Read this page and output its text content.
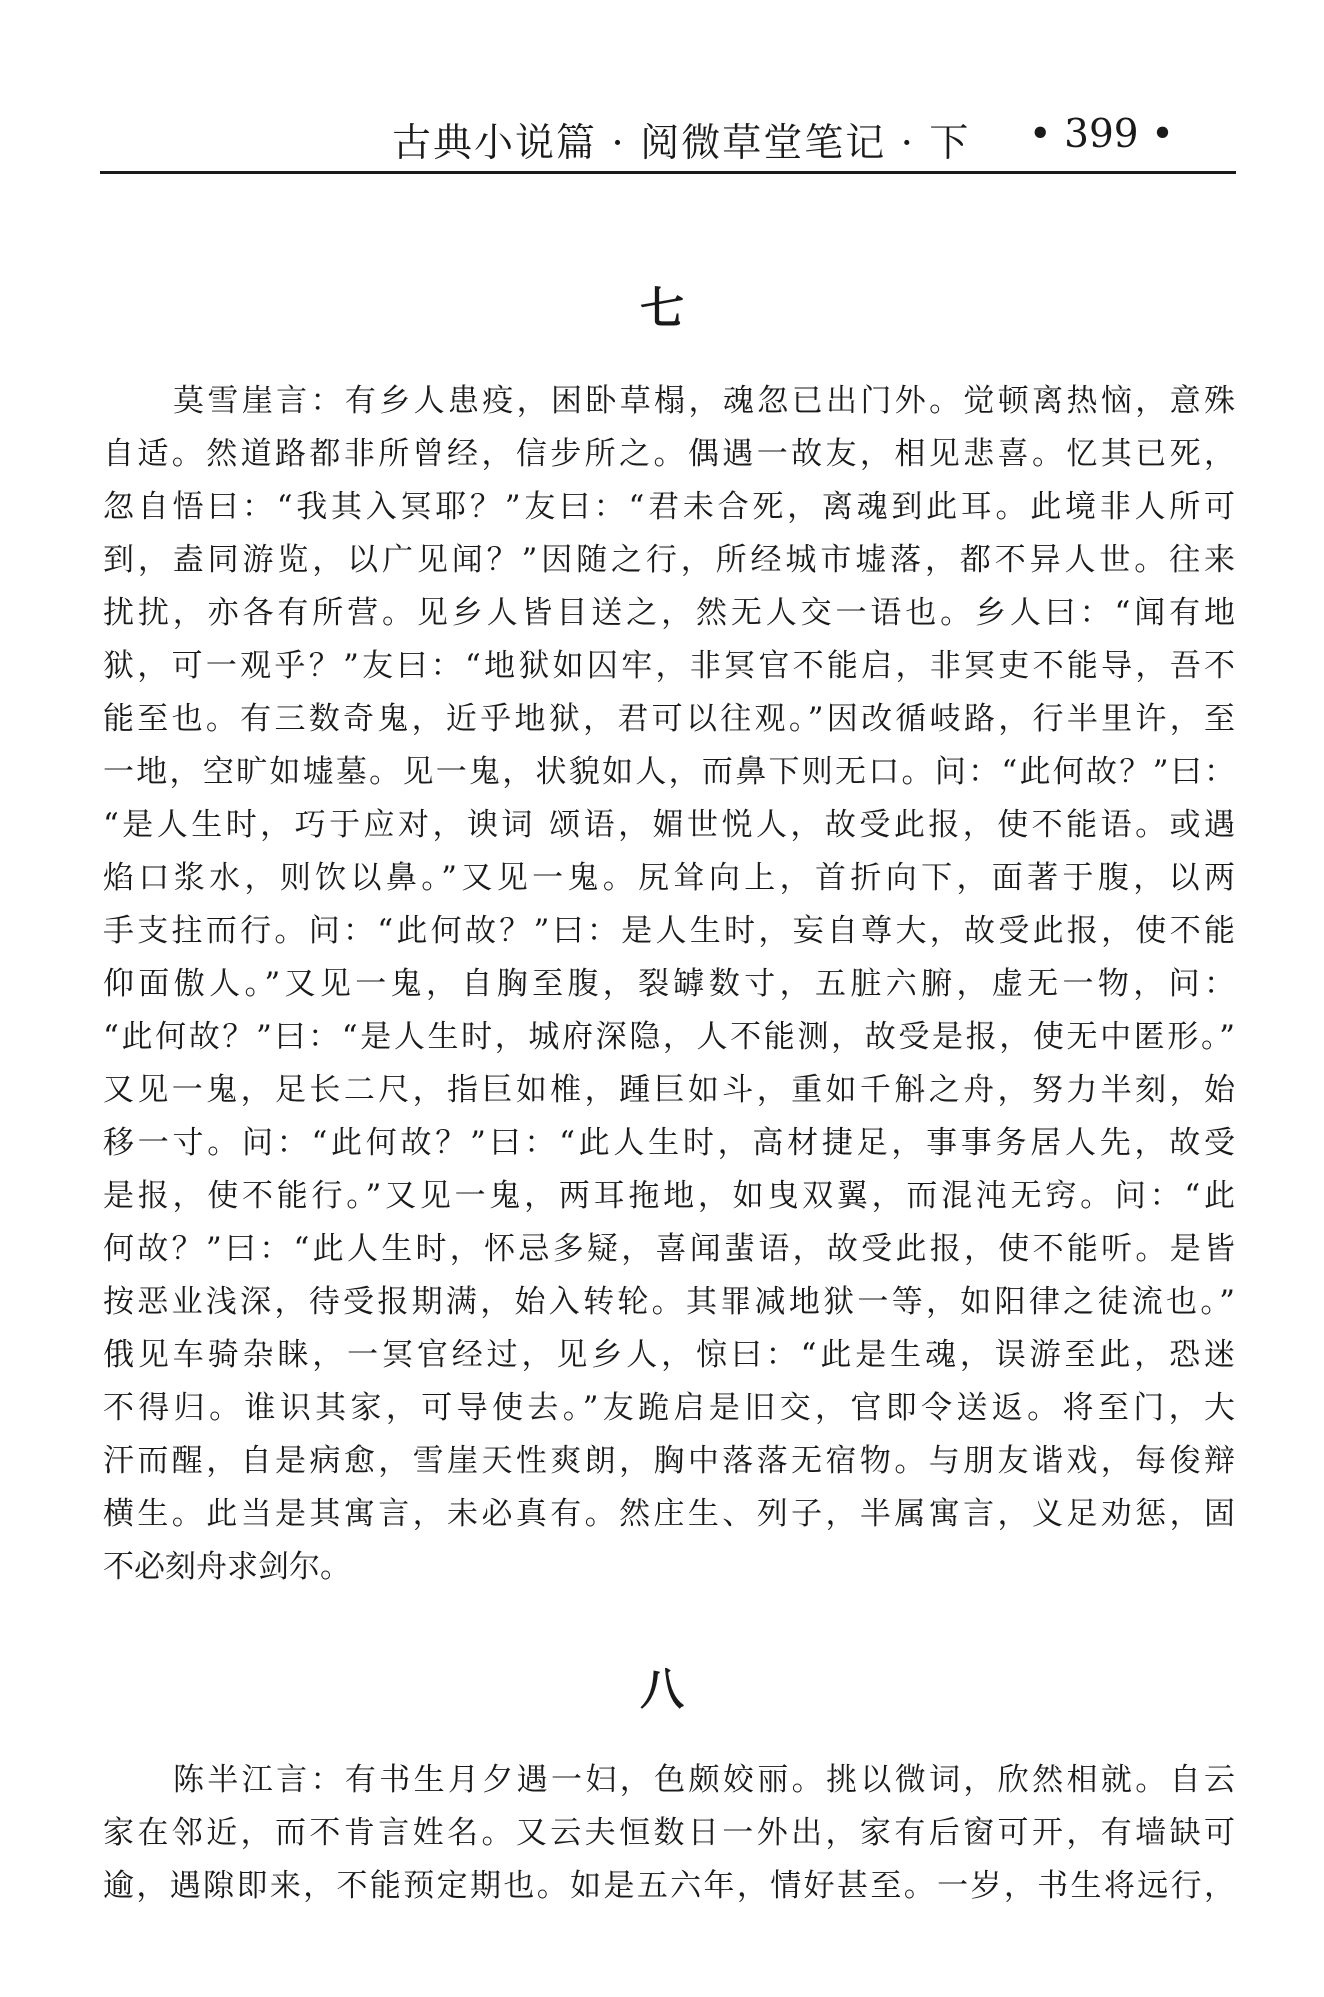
古典小说篇 · 阅微草堂笔记 · 下 • 399 •
七
莫雪崖言：有乡人患疫，困卧草榻，魂忽已出门外。觉顿离热恼，意殊
自适。然道路都非所曾经，信步所之。偶遇一故友，相见悲喜。忆其已死，
忽自悟曰：“我其入冥耶？”友曰：“君未合死，离魂到此耳。此境非人所可
到，盍同游览，以广见闻？”因随之行，所经城市墟落，都不异人世。往来
扰扰，亦各有所营。见乡人皆目送之，然无人交一语也。乡人曰：“闻有地
狱，可一观乎？”友曰：“地狱如囚牢，非冥官不能启，非冥吏不能导，吾不
能至也。有三数奇鬼，近乎地狱，君可以往观。”因改循岐路，行半里许，至
一地，空旷如墟墓。见一鬼，状貌如人，而鼻下则无口。问：“此何故？”曰：
“是人生时，巧于应对，谀词 颂语，媚世悦人，故受此报，使不能语。或遇
焰口浆水，则饮以鼻。”又见一鬼。尻耸向上，首折向下，面著于腹，以两
手支拄而行。问：“此何故？”曰：是人生时，妄自尊大，故受此报，使不能
仰面傲人。”又见一鬼，自胸至腹，裂罅数寸，五脏六腑，虚无一物，问：
“此何故？”曰：“是人生时，城府深隐，人不能测，故受是报，使无中匿形。”
又见一鬼，足长二尺，指巨如椎，踵巨如斗，重如千斛之舟，努力半刻，始
移一寸。问：“此何故？”曰：“此人生时，高材捷足，事事务居人先，故受
是报，使不能行。”又见一鬼，两耳拖地，如曳双翼，而混沌无窍。问：“此
何故？”曰：“此人生时，怀忌多疑，喜闻蜚语，故受此报，使不能听。是皆
按恶业浅深，待受报期满，始入转轮。其罪减地狱一等，如阳律之徒流也。”
俄见车骑杂睐，一冥官经过，见乡人，惊曰：“此是生魂，误游至此，恐迷
不得归。谁识其家，可导使去。”友跪启是旧交，官即令送返。将至门，大
汗而醒，自是病愈，雪崖天性爽朗，胸中落落无宿物。与朋友谐戏，每俊辩
横生。此当是其寓言，未必真有。然庄生、列子，半属寓言，义足劝惩，固
不必刻舟求剑尔。
八
陈半江言：有书生月夕遇一妇，色颇姣丽。挑以微词，欣然相就。自云
家在邻近，而不肯言姓名。又云夫恒数日一外出，家有后窗可开，有墙缺可
逾，遇隙即来，不能预定期也。如是五六年，情好甚至。一岁，书生将远行，
